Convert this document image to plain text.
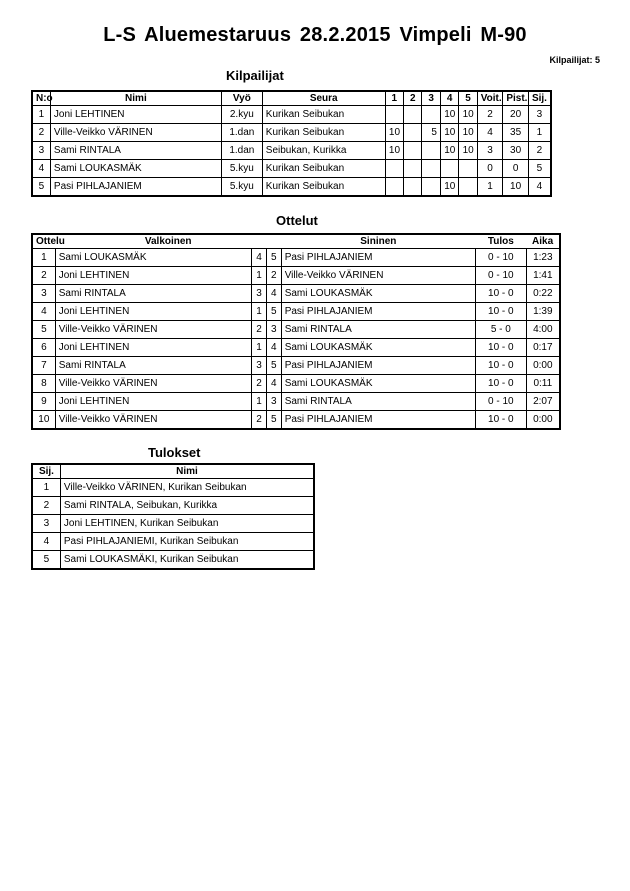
L-S Aluemestaruus 28.2.2015 Vimpeli M-90
Kilpailijat: 5
Kilpailijat
N:o	Nimi	Vyö	Seura	1	2	3	4	5	Voit.	Pist.	Sij.
1	Joni LEHTINEN	2.kyu	Kurikan Seibukan				10	10	2	20	3
2	Ville-Veikko VÄRINEN	1.dan	Kurikan Seibukan	10		5	10	10	4	35	1
3	Sami RINTALA	1.dan	Seibukan, Kurikka	10			10	10	3	30	2
4	Sami LOUKASMÄK	5.kyu	Kurikan Seibukan						0	0	5
5	Pasi PIHLAJANIEM	5.kyu	Kurikan Seibukan				10		1	10	4
Ottelut
Ottelu	Valkoinen			Sininen	Tulos	Aika
1	Sami LOUKASMÄK	4	5	Pasi PIHLAJANIEM	0 - 10	1:23
2	Joni LEHTINEN	1	2	Ville-Veikko VÄRINEN	0 - 10	1:41
3	Sami RINTALA	3	4	Sami LOUKASMÄK	10 - 0	0:22
4	Joni LEHTINEN	1	5	Pasi PIHLAJANIEM	10 - 0	1:39
5	Ville-Veikko VÄRINEN	2	3	Sami RINTALA	5 - 0	4:00
6	Joni LEHTINEN	1	4	Sami LOUKASMÄK	10 - 0	0:17
7	Sami RINTALA	3	5	Pasi PIHLAJANIEM	10 - 0	0:00
8	Ville-Veikko VÄRINEN	2	4	Sami LOUKASMÄK	10 - 0	0:11
9	Joni LEHTINEN	1	3	Sami RINTALA	0 - 10	2:07
10	Ville-Veikko VÄRINEN	2	5	Pasi PIHLAJANIEM	10 - 0	0:00
Tulokset
Sij.	Nimi
1	Ville-Veikko VÄRINEN, Kurikan Seibukan
2	Sami RINTALA, Seibukan, Kurikka
3	Joni LEHTINEN, Kurikan Seibukan
4	Pasi PIHLAJANIEMI, Kurikan Seibukan
5	Sami LOUKASMÄKI, Kurikan Seibukan
